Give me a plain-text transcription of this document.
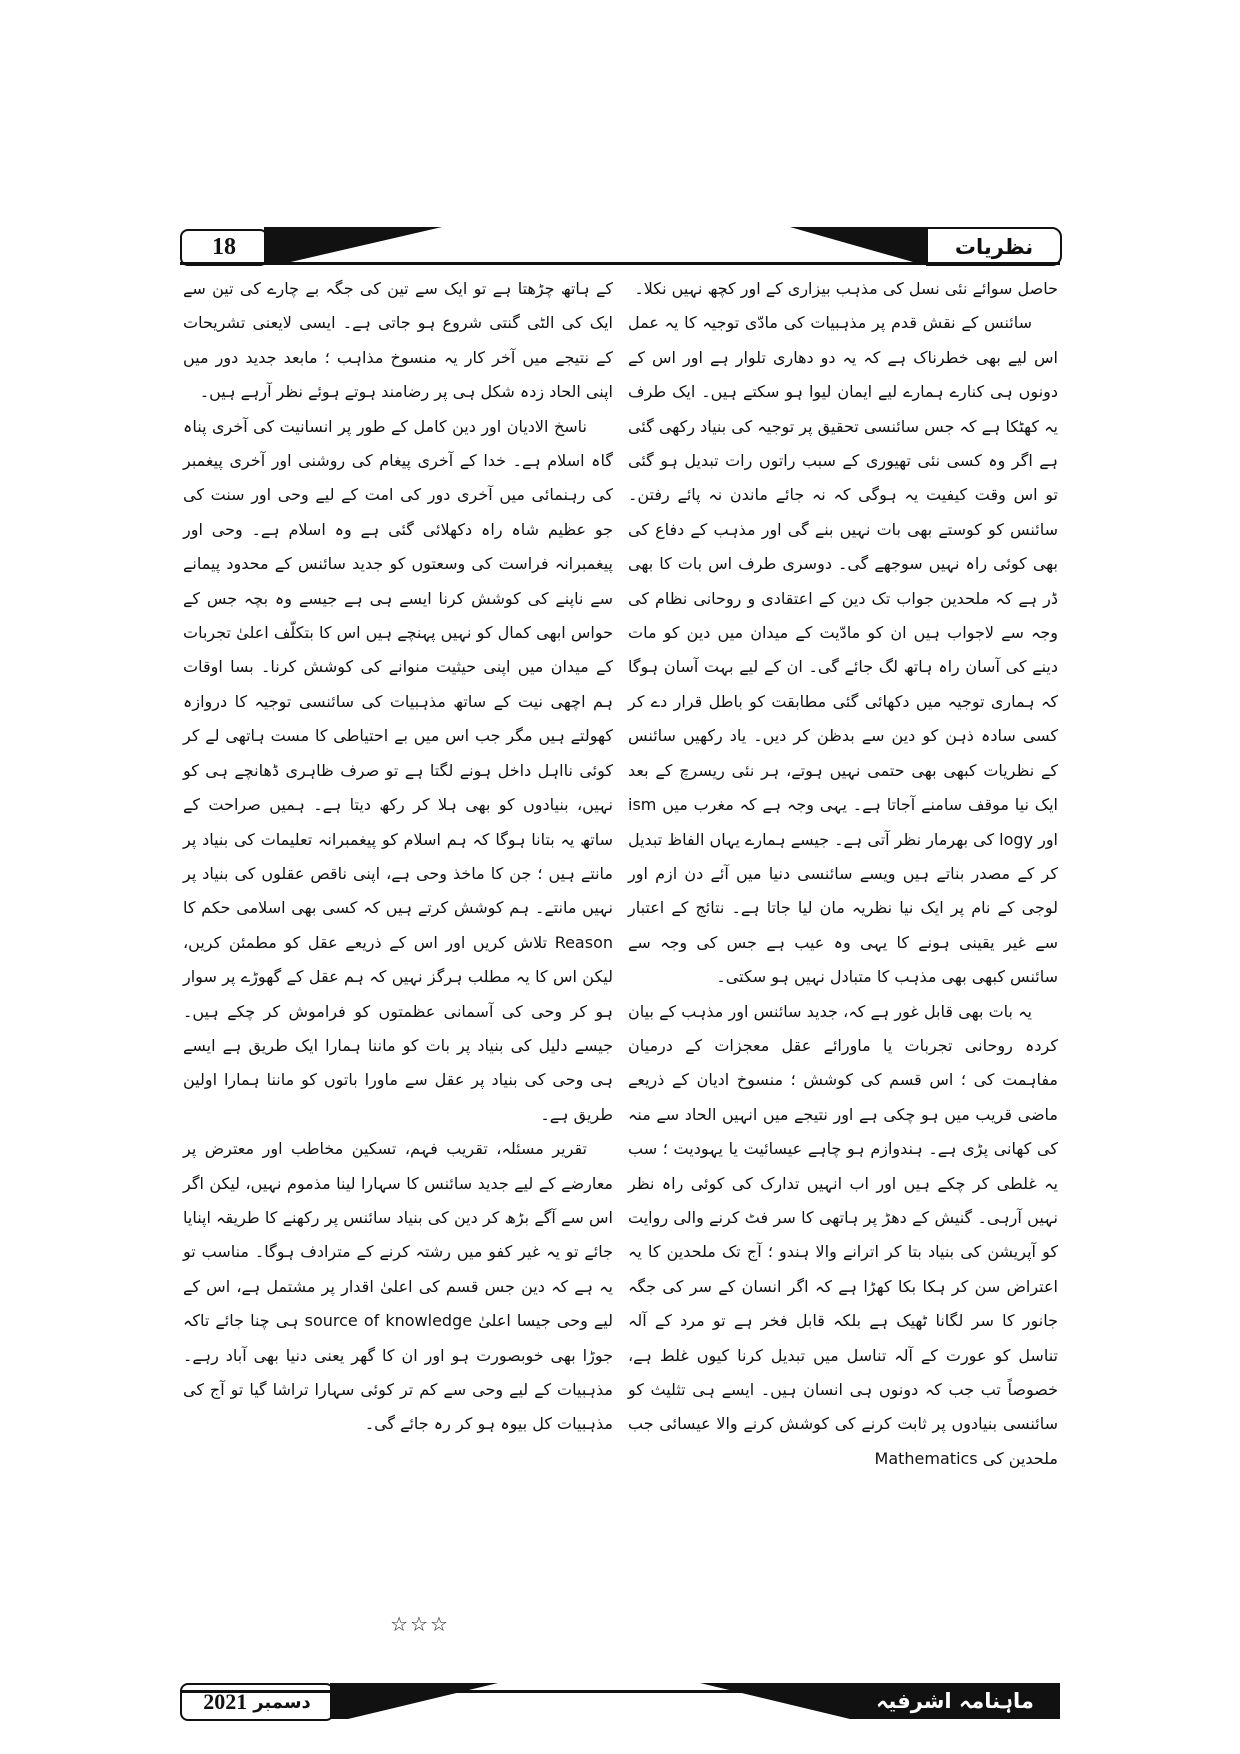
18	نظریات

حاصل سوائے نئی نسل کی مذہب بیزاری کے اور کچھ نہیں نکلا۔

سائنس کے نقش قدم پر مذہبیات کی مادّی توجیہ کا یہ عمل اس لیے بھی خطرناک ہے کہ یہ دو دھاری تلوار ہے اور اس کے دونوں ہی کنارے ہمارے لیے ایمان لیوا ہو سکتے ہیں۔ ایک طرف یہ کھٹکا ہے کہ جس سائنسی تحقیق پر توجیہ کی بنیاد رکھی گئی ہے اگر وہ کسی نئی تھیوری کے سبب راتوں رات تبدیل ہو گئی تو اس وقت کیفیت یہ ہوگی کہ نہ جائے ماندن نہ پائے رفتن۔ سائنس کو کوستے بھی بات نہیں بنے گی اور مذہب کے دفاع کی بھی کوئی راہ نہیں سوجھے گی۔ دوسری طرف اس بات کا بھی ڈر ہے کہ ملحدین جواب تک دین کے اعتقادی و روحانی نظام کی وجہ سے لاجواب ہیں ان کو مادّیت کے میدان میں دین کو مات دینے کی آسان راہ ہاتھ لگ جائے گی۔ ان کے لیے بہت آسان ہوگا کہ ہماری توجیہ میں دکھائی گئی مطابقت کو باطل قرار دے کر کسی سادہ ذہن کو دین سے بدظن کر دیں۔ یاد رکھیں سائنس کے نظریات کبھی بھی حتمی نہیں ہوتے، ہر نئی ریسرچ کے بعد ایک نیا موقف سامنے آجاتا ہے۔ یہی وجہ ہے کہ مغرب میں ism اور logy کی بھرمار نظر آتی ہے۔ جیسے ہمارے یہاں الفاظ تبدیل کر کے مصدر بناتے ہیں ویسے سائنسی دنیا میں آئے دن ازم اور لوجی کے نام پر ایک نیا نظریہ مان لیا جاتا ہے۔ نتائج کے اعتبار سے غیر یقینی ہونے کا یہی وہ عیب ہے جس کی وجہ سے سائنس کبھی بھی مذہب کا متبادل نہیں ہو سکتی۔

یہ بات بھی قابل غور ہے کہ، جدید سائنس اور مذہب کے بیان کردہ روحانی تجربات یا ماورائے عقل معجزات کے درمیان مفاہمت کی ؛ اس قسم کی کوشش ؛ منسوخ ادیان کے ذریعے ماضی قریب میں ہو چکی ہے اور نتیجے میں انہیں الحاد سے منہ کی کھانی پڑی ہے۔ ہندوازم ہو چاہے عیسائیت یا یہودیت ؛ سب یہ غلطی کر چکے ہیں اور اب انہیں تدارک کی کوئی راہ نظر نہیں آرہی۔ گنیش کے دھڑ پر ہاتھی کا سر فٹ کرنے والی روایت کو آپریشن کی بنیاد بتا کر اترانے والا ہندو ؛ آج تک ملحدین کا یہ اعتراض سن کر ہکا بکا کھڑا ہے کہ اگر انسان کے سر کی جگہ جانور کا سر لگانا ٹھیک ہے بلکہ قابل فخر ہے تو مرد کے آلہ تناسل کو عورت کے آلہ تناسل میں تبدیل کرنا کیوں غلط ہے، خصوصاً تب جب کہ دونوں ہی انسان ہیں۔ ایسے ہی تثلیث کو سائنسی بنیادوں پر ثابت کرنے کی کوشش کرنے والا عیسائی جب ملحدین کی Mathematics

کے ہاتھ چڑھتا ہے تو ایک سے تین کی جگہ بے چارے کی تین سے ایک کی الٹی گنتی شروع ہو جاتی ہے۔ ایسی لایعنی تشریحات کے نتیجے میں آخر کار یہ منسوخ مذاہب ؛ مابعد جدید دور میں اپنی الحاد زدہ شکل ہی پر رضامند ہوتے ہوئے نظر آرہے ہیں۔

ناسخ الادیان اور دین کامل کے طور پر انسانیت کی آخری پناہ گاہ اسلام ہے۔ خدا کے آخری پیغام کی روشنی اور آخری پیغمبر کی رہنمائی میں آخری دور کی امت کے لیے وحی اور سنت کی جو عظیم شاہ راہ دکھلائی گئی ہے وہ اسلام ہے۔ وحی اور پیغمبرانہ فراست کی وسعتوں کو جدید سائنس کے محدود پیمانے سے ناپنے کی کوشش کرنا ایسے ہی ہے جیسے وہ بچہ جس کے حواس ابھی کمال کو نہیں پہنچے ہیں اس کا بتکلّف اعلیٰ تجربات کے میدان میں اپنی حیثیت منوانے کی کوشش کرنا۔ بسا اوقات ہم اچھی نیت کے ساتھ مذہبیات کی سائنسی توجیہ کا دروازہ کھولتے ہیں مگر جب اس میں بے احتیاطی کا مست ہاتھی لے کر کوئی نااہل داخل ہونے لگتا ہے تو صرف ظاہری ڈھانچے ہی کو نہیں، بنیادوں کو بھی ہلا کر رکھ دیتا ہے۔ ہمیں صراحت کے ساتھ یہ بتانا ہوگا کہ ہم اسلام کو پیغمبرانہ تعلیمات کی بنیاد پر مانتے ہیں ؛ جن کا ماخذ وحی ہے، اپنی ناقص عقلوں کی بنیاد پر نہیں مانتے۔ ہم کوشش کرتے ہیں کہ کسی بھی اسلامی حکم کا Reason تلاش کریں اور اس کے ذریعے عقل کو مطمئن کریں، لیکن اس کا یہ مطلب ہرگز نہیں کہ ہم عقل کے گھوڑے پر سوار ہو کر وحی کی آسمانی عظمتوں کو فراموش کر چکے ہیں۔ جیسے دلیل کی بنیاد پر بات کو ماننا ہمارا ایک طریق ہے ایسے ہی وحی کی بنیاد پر عقل سے ماورا باتوں کو ماننا ہمارا اولین طریق ہے۔

تقریر مسئلہ، تقریب فہم، تسکین مخاطب اور معترض پر معارضے کے لیے جدید سائنس کا سہارا لینا مذموم نہیں، لیکن اگر اس سے آگے بڑھ کر دین کی بنیاد سائنس پر رکھنے کا طریقہ اپنایا جائے تو یہ غیر کفو میں رشتہ کرنے کے مترادف ہوگا۔ مناسب تو یہ ہے کہ دین جس قسم کی اعلیٰ اقدار پر مشتمل ہے، اس کے لیے وحی جیسا اعلیٰ source of knowledge ہی چنا جائے تاکہ جوڑا بھی خوبصورت ہو اور ان کا گھر یعنی دنیا بھی آباد رہے۔ مذہبیات کے لیے وحی سے کم تر کوئی سہارا تراشا گیا تو آج کی مذہبیات کل بیوہ ہو کر رہ جائے گی۔

☆☆☆
دسمبر
2021	ماہنامہ اشرفیہ
